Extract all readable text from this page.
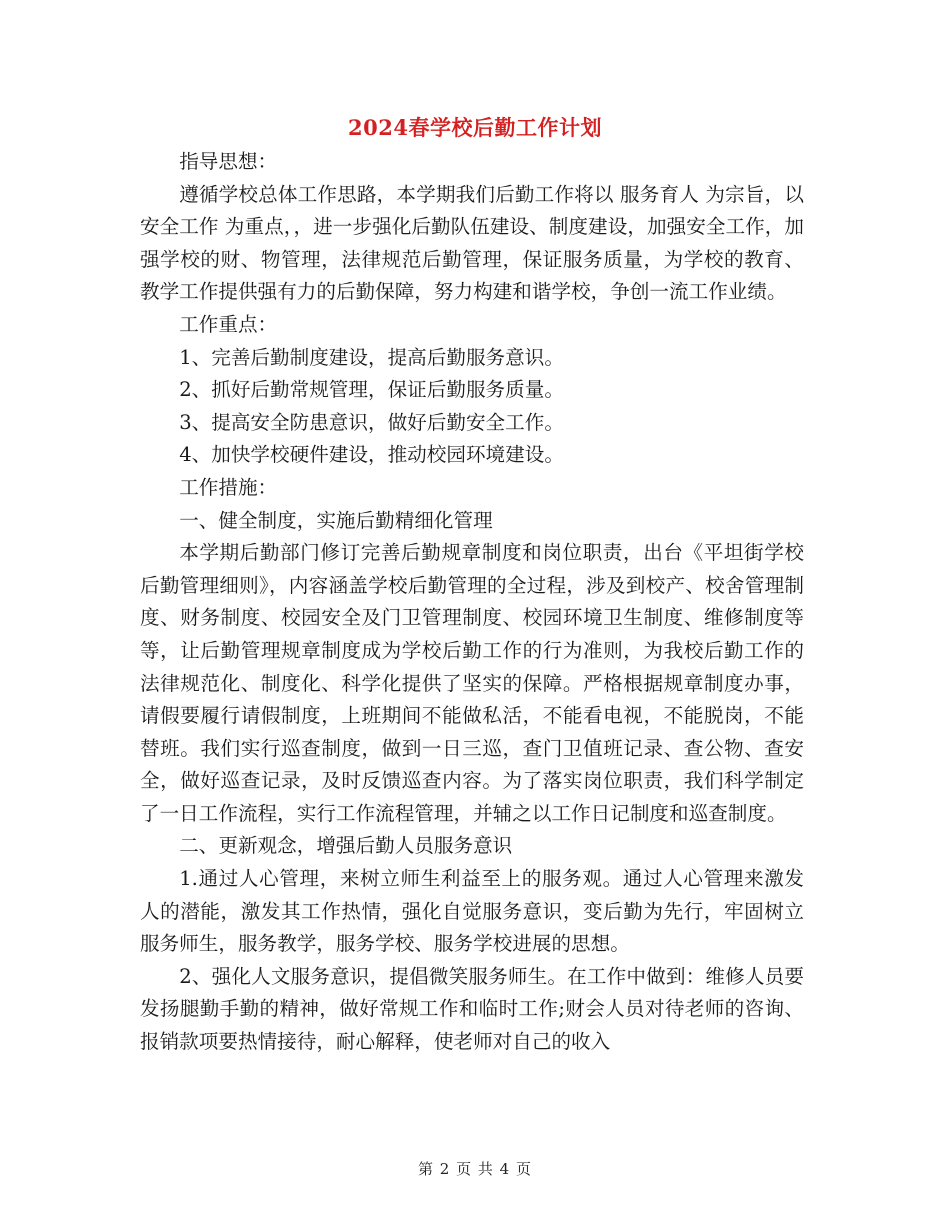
2024春学校后勤工作计划

指导思想：

遵循学校总体工作思路，本学期我们后勤工作将以 服务育人 为宗旨，以 安全工作 为重点，，进一步强化后勤队伍建设、制度建设，加强安全工作，加强学校的财、物管理，法律规范后勤管理，保证服务质量，为学校的教育、教学工作提供强有力的后勤保障，努力构建和谐学校，争创一流工作业绩。

工作重点：

1、完善后勤制度建设，提高后勤服务意识。

2、抓好后勤常规管理，保证后勤服务质量。

3、提高安全防患意识，做好后勤安全工作。

4、加快学校硬件建设，推动校园环境建设。

工作措施：

一、健全制度，实施后勤精细化管理

本学期后勤部门修订完善后勤规章制度和岗位职责，出台《平坦街学校后勤管理细则》，内容涵盖学校后勤管理的全过程，涉及到校产、校舍管理制度、财务制度、校园安全及门卫管理制度、校园环境卫生制度、维修制度等等，让后勤管理规章制度成为学校后勤工作的行为准则，为我校后勤工作的法律规范化、制度化、科学化提供了坚实的保障。严格根据规章制度办事，请假要履行请假制度，上班期间不能做私活，不能看电视，不能脱岗，不能替班。我们实行巡查制度，做到一日三巡，查门卫值班记录、查公物、查安全，做好巡查记录，及时反馈巡查内容。为了落实岗位职责，我们科学制定了一日工作流程，实行工作流程管理，并辅之以工作日记制度和巡查制度。

二、更新观念，增强后勤人员服务意识

1.通过人心管理，来树立师生利益至上的服务观。通过人心管理来激发人的潜能，激发其工作热情，强化自觉服务意识，变后勤为先行，牢固树立服务师生，服务教学，服务学校、服务学校进展的思想。

2、强化人文服务意识，提倡微笑服务师生。在工作中做到：维修人员要发扬腿勤手勤的精神，做好常规工作和临时工作;财会人员对待老师的咨询、报销款项要热情接待，耐心解释，使老师对自己的收入

第 2 页 共 4 页
